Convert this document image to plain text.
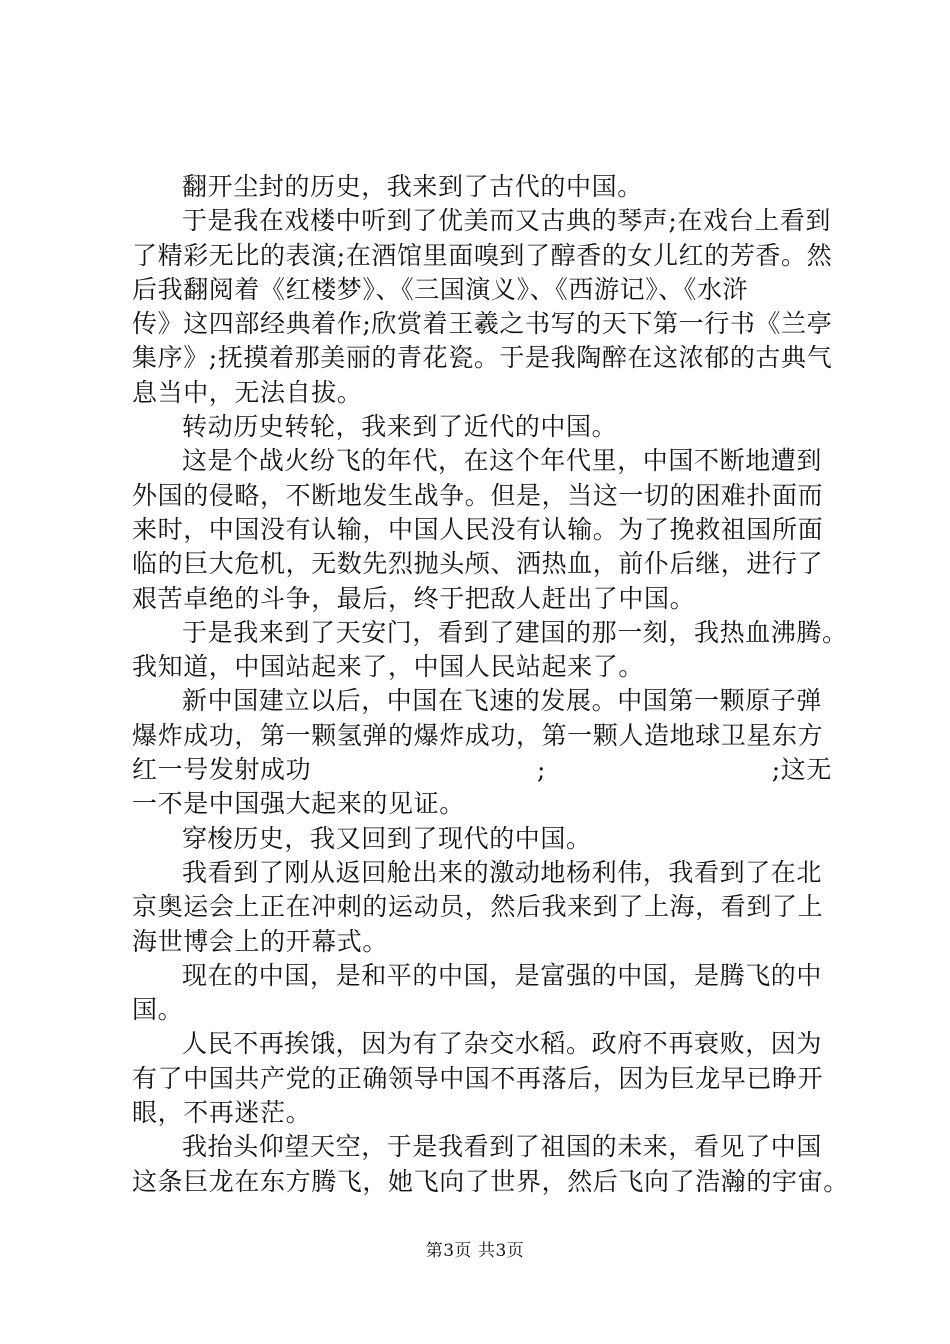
翻开尘封的历史，我来到了古代的中国。
于是我在戏楼中听到了优美而又古典的琴声;在戏台上看到
了精彩无比的表演;在酒馆里面嗅到了醇香的女儿红的芳香。然
后我翻阅着《红楼梦》、《三国演义》、《西游记》、《水浒
传》这四部经典着作;欣赏着王羲之书写的天下第一行书《兰亭
集序》;抚摸着那美丽的青花瓷。于是我陶醉在这浓郁的古典气
息当中，无法自拔。
转动历史转轮，我来到了近代的中国。
这是个战火纷飞的年代，在这个年代里，中国不断地遭到
外国的侵略，不断地发生战争。但是，当这一切的困难扑面而
来时，中国没有认输，中国人民没有认输。为了挽救祖国所面
临的巨大危机，无数先烈抛头颅、洒热血，前仆后继，进行了
艰苦卓绝的斗争，最后，终于把敌人赶出了中国。
于是我来到了天安门，看到了建国的那一刻，我热血沸腾。
我知道，中国站起来了，中国人民站起来了。
新中国建立以后，中国在飞速的发展。中国第一颗原子弹
爆炸成功，第一颗氢弹的爆炸成功，第一颗人造地球卫星东方
红一号发射成功	;	;这无
一不是中国强大起来的见证。
穿梭历史，我又回到了现代的中国。
我看到了刚从返回舱出来的激动地杨利伟，我看到了在北
京奥运会上正在冲刺的运动员，然后我来到了上海，看到了上
海世博会上的开幕式。
现在的中国，是和平的中国，是富强的中国，是腾飞的中
国。
人民不再挨饿，因为有了杂交水稻。政府不再衰败，因为
有了中国共产党的正确领导中国不再落后，因为巨龙早已睁开
眼，不再迷茫。
我抬头仰望天空，于是我看到了祖国的未来，看见了中国
这条巨龙在东方腾飞，她飞向了世界，然后飞向了浩瀚的宇宙。
第3页 共3页
